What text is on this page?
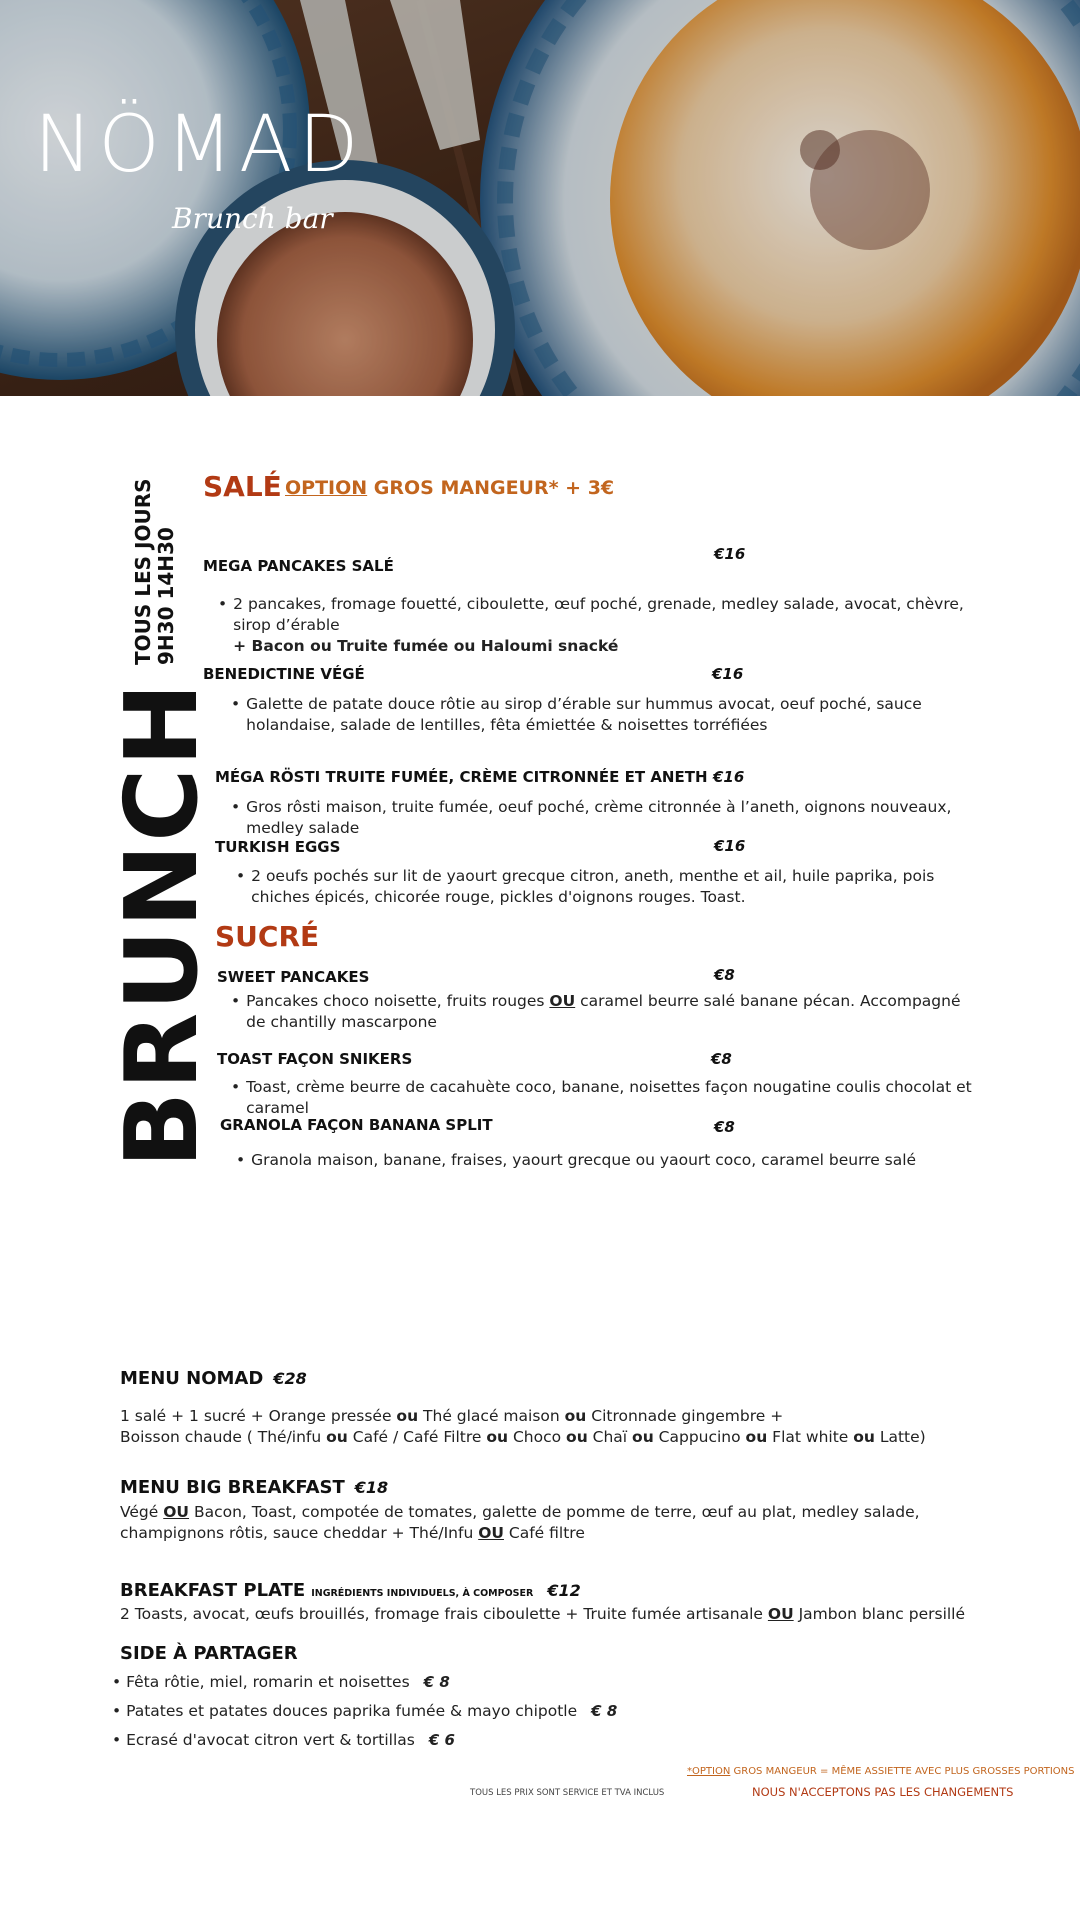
NÖMAD
Brunch bar
BRUNCH
TOUS LES JOURS 9H30 14H30
SALÉ OPTION GROS MANGEUR* + 3€
MEGA PANCAKES SALÉ
€16
• 2 pancakes, fromage fouetté, ciboulette, œuf poché, grenade, medley salade, avocat, chèvre, sirop d’érable
+ Bacon ou Truite fumée ou Haloumi snacké
BENEDICTINE VÉGÉ	€16
• Galette de patate douce rôtie au sirop d’érable sur hummus avocat, oeuf poché, sauce holandaise, salade de lentilles, fêta émiettée & noisettes torréfiées
MÉGA RÖSTI TRUITE FUMÉE, CRÈME CITRONNÉE ET ANETH €16
• Gros rôsti maison, truite fumée, oeuf poché, crème citronnée à l’aneth, oignons nouveaux, medley salade
TURKISH EGGS	€16
• 2 oeufs pochés sur lit de yaourt grecque citron, aneth, menthe et ail, huile paprika, pois chiches épicés, chicorée rouge, pickles d'oignons rouges. Toast.
SUCRÉ
SWEET PANCAKES	€8
• Pancakes choco noisette, fruits rouges OU caramel beurre salé banane pécan. Accompagné de chantilly mascarpone
TOAST FAÇON SNIKERS	€8
• Toast, crème beurre de cacahuète coco, banane, noisettes façon nougatine coulis chocolat et caramel
GRANOLA FAÇON BANANA SPLIT	€8
• Granola maison, banane, fraises, yaourt grecque ou yaourt coco, caramel beurre salé
MENU NOMAD €28
1 salé + 1 sucré + Orange pressée ou Thé glacé maison ou Citronnade gingembre +
Boisson chaude ( Thé/infu ou Café / Café Filtre ou Choco ou Chaï ou Cappucino ou Flat white ou Latte)
MENU BIG BREAKFAST €18
Végé OU Bacon, Toast, compotée de tomates, galette de pomme de terre, œuf au plat, medley salade, champignons rôtis, sauce cheddar + Thé/Infu OU Café filtre
BREAKFAST PLATE INGRÉDIENTS INDIVIDUELS, À COMPOSER €12
2 Toasts, avocat, œufs brouillés, fromage frais ciboulette + Truite fumée artisanale OU Jambon blanc persillé
SIDE À PARTAGER
• Fêta rôtie, miel, romarin et noisettes € 8
• Patates et patates douces paprika fumée & mayo chipotle € 8
• Ecrasé d'avocat citron vert & tortillas € 6
*OPTION GROS MANGEUR = MÊME ASSIETTE AVEC PLUS GROSSES PORTIONS
TOUS LES PRIX SONT SERVICE ET TVA INCLUS	NOUS N'ACCEPTONS PAS LES CHANGEMENTS
